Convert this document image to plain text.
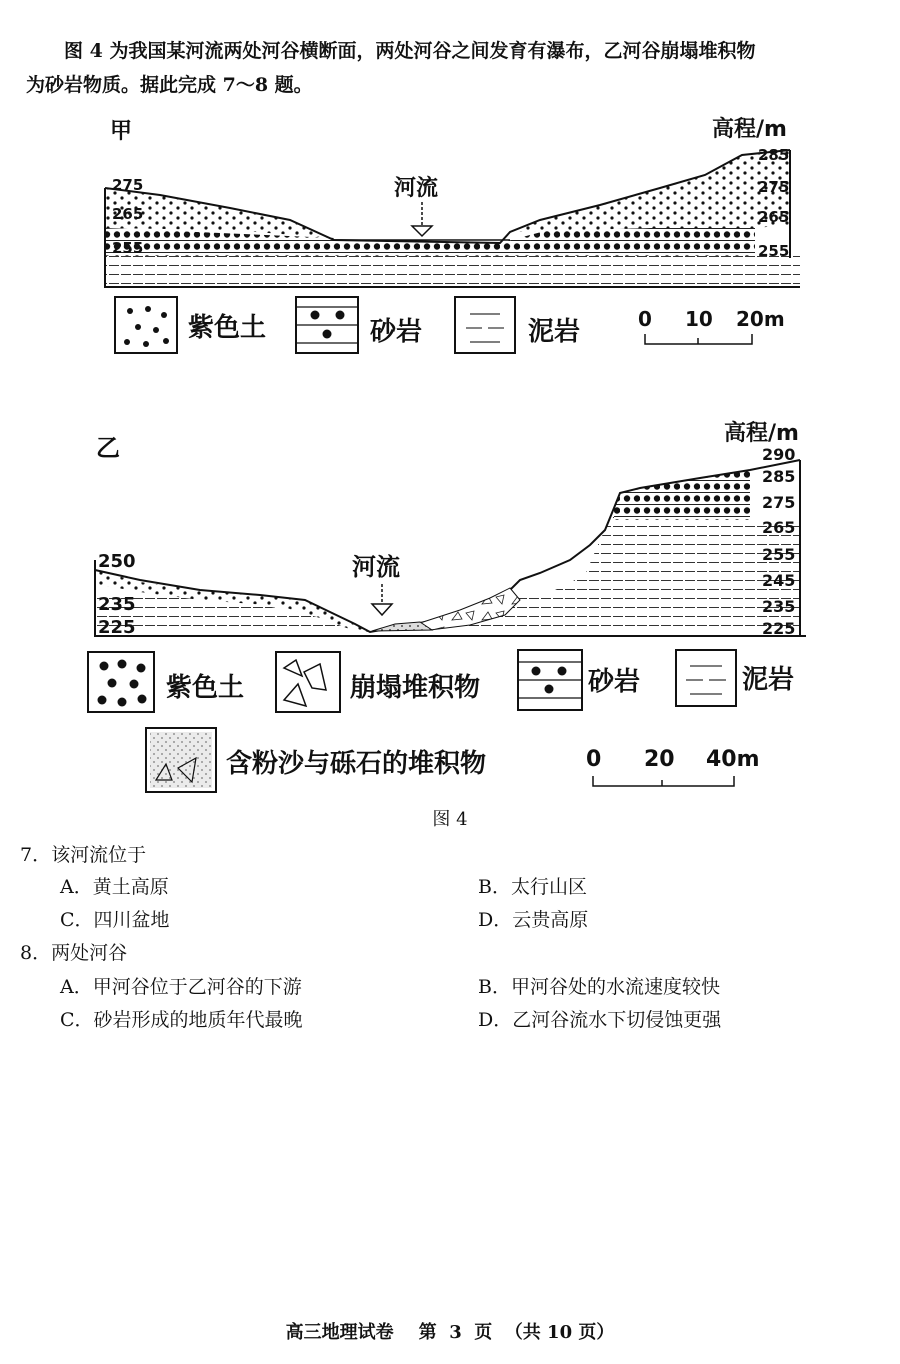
图 4 为我国某河流两处河谷横断面，两处河谷之间发育有瀑布，乙河谷崩塌堆积物
为砂岩物质。据此完成 7～8 题。
甲	高程/m
河流
275
265
255
285
275
265
255
紫色土	砂岩	泥岩	0 10 20m
乙
高程/m
河流
250
235
225
290
285
275
265
255
245
235
225
紫色土	崩塌堆积物	砂岩	泥岩
含粉沙与砾石的堆积物	0 20 40m
图 4
7．该河流位于
A．黄土高原	B．太行山区
C．四川盆地	D．云贵高原
8．两处河谷
A．甲河谷位于乙河谷的下游	B．甲河谷处的水流速度较快
C．砂岩形成的地质年代最晚	D．乙河谷流水下切侵蚀更强
高三地理试卷 第  3  页  （共 10 页）
